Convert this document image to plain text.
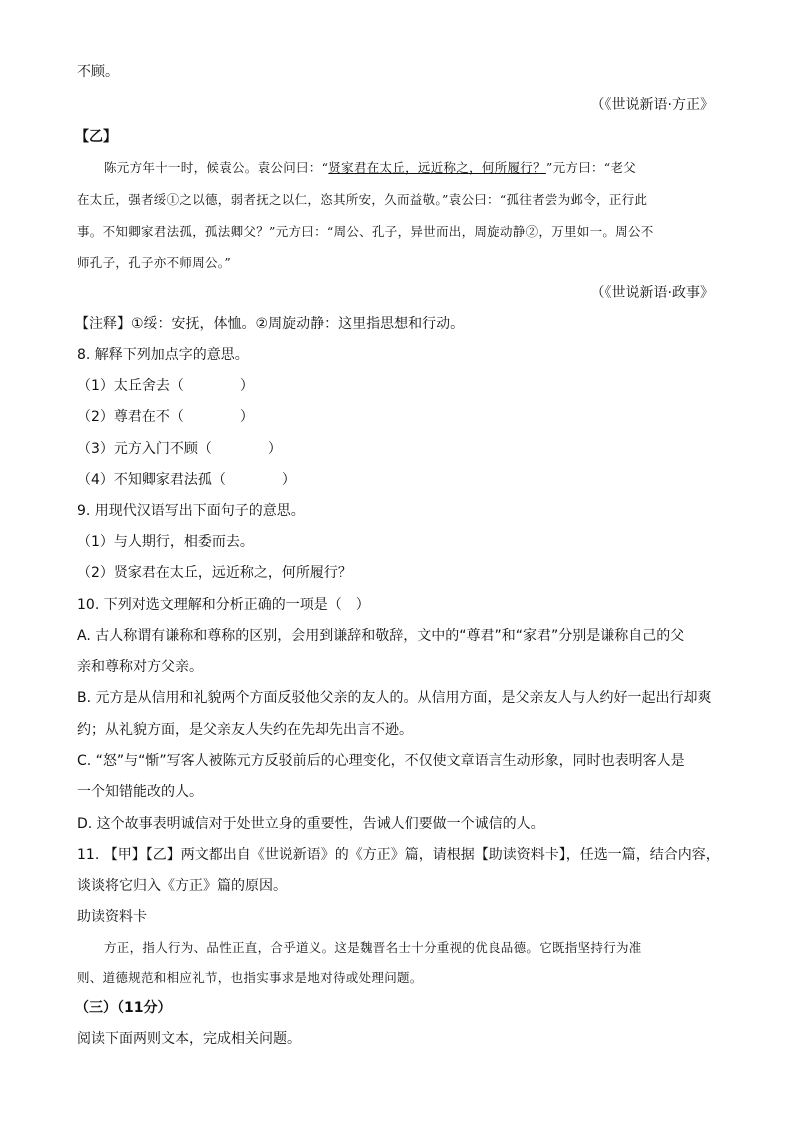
不顾。
（《世说新语·方正》
【乙】
陈元方年十一时，候袁公。袁公问曰：“贤家君在太丘，远近称之，何所履行？”元方曰：“老父
在太丘，强者绥①之以德，弱者抚之以仁，恣其所安，久而益敬。”袁公曰：“孤往者尝为邺令，正行此
事。不知卿家君法孤，孤法卿父？”元方曰：“周公、孔子，异世而出，周旋动静②，万里如一。周公不
师孔子，孔子亦不师周公。”
（《世说新语·政事》
【注释】①绥：安抚，体恤。②周旋动静：这里指思想和行动。
8. 解释下列加点字的意思。
（1）太丘舍去（　　　　）
（2）尊君在不（　　　　）
（3）元方入门不顾（　　　　）
（4）不知卿家君法孤（　　　　）
9. 用现代汉语写出下面句子的意思。
（1）与人期行，相委而去。
（2）贤家君在太丘，远近称之，何所履行？
10. 下列对选文理解和分析正确的一项是（　）
A. 古人称谓有谦称和尊称的区别，会用到谦辞和敬辞，文中的“尊君”和“家君”分别是谦称自己的父
亲和尊称对方父亲。
B. 元方是从信用和礼貌两个方面反驳他父亲的友人的。从信用方面，是父亲友人与人约好一起出行却爽
约；从礼貌方面，是父亲友人失约在先却先出言不逊。
C. “怒”与“惭”写客人被陈元方反驳前后的心理变化，不仅使文章语言生动形象，同时也表明客人是
一个知错能改的人。
D. 这个故事表明诚信对于处世立身的重要性，告诫人们要做一个诚信的人。
11. 【甲】【乙】两文都出自《世说新语》的《方正》篇，请根据【助读资料卡】，任选一篇，结合内容，
谈谈将它归入《方正》篇的原因。
助读资料卡
方正，指人行为、品性正直，合乎道义。这是魏晋名士十分重视的优良品德。它既指坚持行为准
则、道德规范和相应礼节，也指实事求是地对待或处理问题。
（三）（11分）
阅读下面两则文本，完成相关问题。
